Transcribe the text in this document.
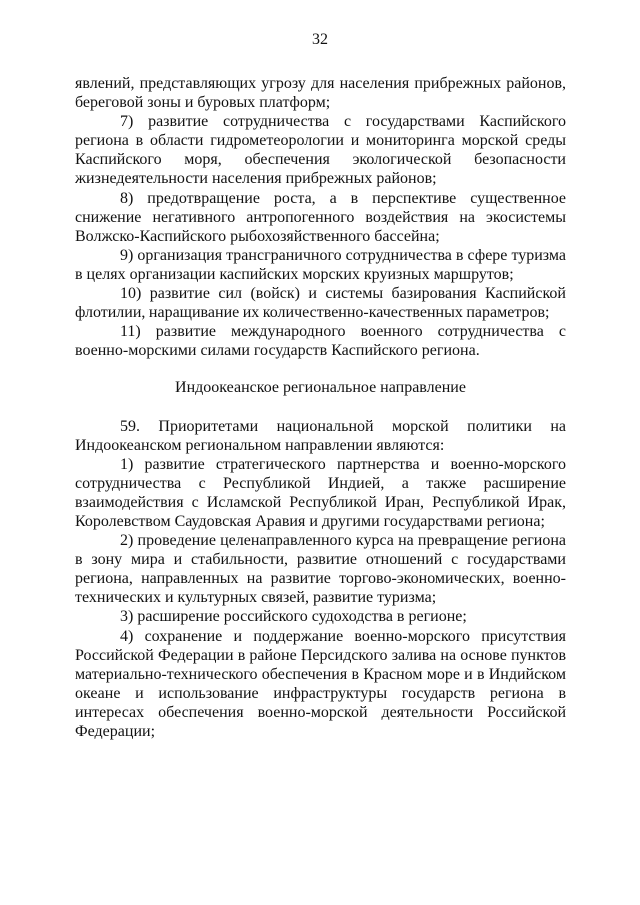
32

явлений, представляющих угрозу для населения прибрежных районов, береговой зоны и буровых платформ;

7) развитие сотрудничества с государствами Каспийского региона в области гидрометеорологии и мониторинга морской среды Каспийского моря, обеспечения экологической безопасности жизнедеятельности населения прибрежных районов;

8) предотвращение роста, а в перспективе существенное снижение негативного антропогенного воздействия на экосистемы Волжско-Каспийского рыбохозяйственного бассейна;

9) организация трансграничного сотрудничества в сфере туризма в целях организации каспийских морских круизных маршрутов;

10) развитие сил (войск) и системы базирования Каспийской флотилии, наращивание их количественно-качественных параметров;

11) развитие международного военного сотрудничества с военно-морскими силами государств Каспийского региона.

Индоокеанское региональное направление

59. Приоритетами национальной морской политики на Индоокеанском региональном направлении являются:

1) развитие стратегического партнерства и военно-морского сотрудничества с Республикой Индией, а также расширение взаимодействия с Исламской Республикой Иран, Республикой Ирак, Королевством Саудовская Аравия и другими государствами региона;

2) проведение целенаправленного курса на превращение региона в зону мира и стабильности, развитие отношений с государствами региона, направленных на развитие торгово-экономических, военно-технических и культурных связей, развитие туризма;

3) расширение российского судоходства в регионе;

4) сохранение и поддержание военно-морского присутствия Российской Федерации в районе Персидского залива на основе пунктов материально-технического обеспечения в Красном море и в Индийском океане и использование инфраструктуры государств региона в интересах обеспечения военно-морской деятельности Российской Федерации;
